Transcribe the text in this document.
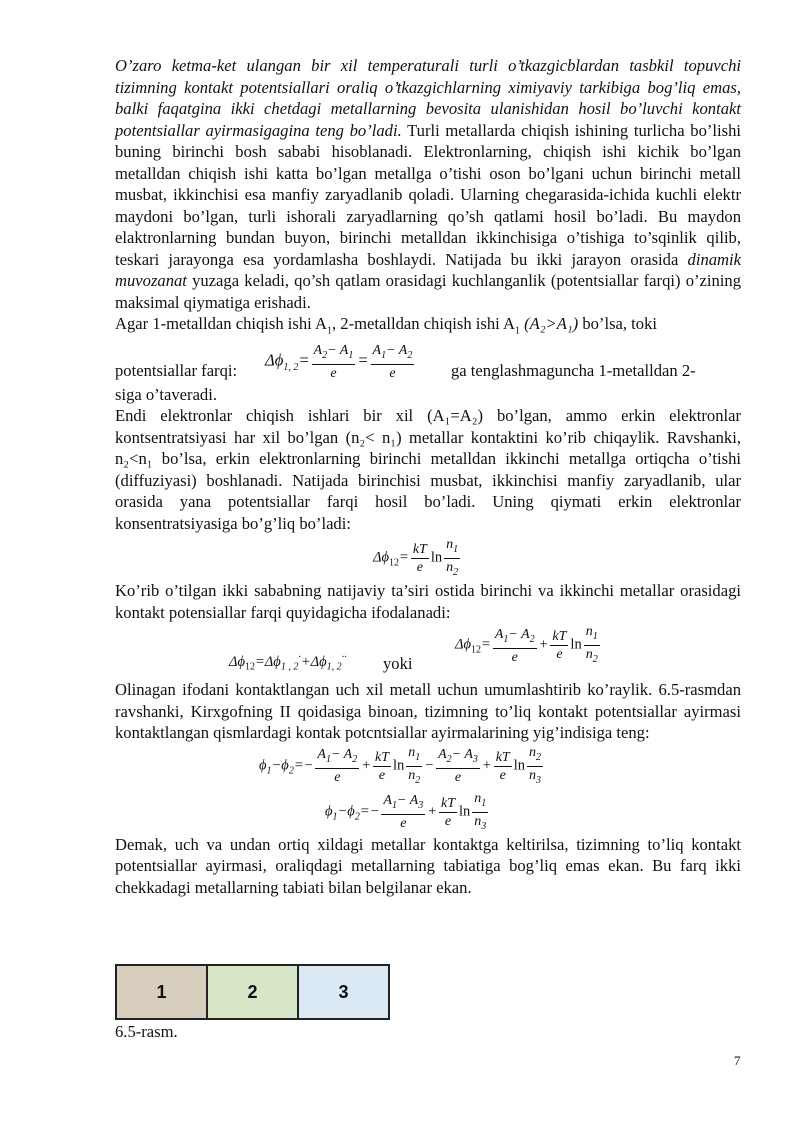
O’zaro ketma-ket ulangan bir xil temperaturali turli o’tkazgicblardan tasbkil topuvchi tizimning kontakt potentsiallari oraliq o’tkazgichlarning ximiyaviy tarkibiga bog’liq emas, balki faqatgina ikki chetdagi metallarning bevosita ulanishidan hosil bo’luvchi kontakt potentsiallar ayirmasigagina teng bo’ladi. Turli metallarda chiqish ishining turlicha bo’lishi buning birinchi bosh sababi hisoblanadi. Elektronlarning, chiqish ishi kichik bo’lgan metalldan chiqish ishi katta bo’lgan metallga o’tishi oson bo’lgani uchun birinchi metall musbat, ikkinchisi esa manfiy zaryadlanib qoladi. Ularning chegarasida-ichida kuchli elektr maydoni bo’lgan, turli ishorali zaryadlarning qo’sh qatlami hosil bo’ladi. Bu maydon elaktronlarning bundan buyon, birinchi metalldan ikkinchisiga o’tishiga to’sqinlik qilib, teskari jarayonga esa yordamlasha boshlaydi. Natijada bu ikki jarayon orasida dinamik muvozanat yuzaga keladi, qo’sh qatlam orasidagi kuchlanganlik (potentsiallar farqi) o’zining maksimal qiymatiga erishadi.

Agar 1-metalldan chiqish ishi $A_1$, 2-metalldan chiqish ishi $A_1$ (A₂>A₁) bo’lsa, toki

potentsiallar farqi:
$\Delta\phi_{1, 2}= \frac{A_2- A_1}{e} = \frac{A_1- A_2}{e}$ ga tenglashmaguncha 1-metalldan 2-

siga o’taveradi.

Endi elektronlar chiqish ishlari bir xil (A₁=A₂) bo’lgan, ammo erkin elektronlar kontsentratsiyasi har xil bo’lgan (n₂< n₁) metallar kontaktini ko’rib chiqaylik. Ravshanki, n₂<n₁ bo’lsa, erkin elektronlarning birinchi metalldan ikkinchi metallga ortiqcha o’tishi (diffuziyasi) boshlanadi. Natijada birinchisi musbat, ikkinchisi manfiy zaryadlanib, ular orasida yana potentsiallar farqi hosil bo’ladi. Uning qiymati erkin elektronlar konsentratsiyasiga bo’g’liq bo’ladi:

$\Delta\phi_{12}= \frac{kT}{e}$ $\ln \frac{n_1}{n_2}$

Ko’rib o’tilgan ikki sababning natijaviy ta’siri ostida birinchi va ikkinchi metallar orasidagi kontakt potensiallar farqi quyidagicha ifodalanadi:

$\Delta\phi_{12}=\Delta\phi_{1 , 2}^\cdot+\Delta\phi_{1, 2}^{\cdot\cdot}$ yoki
$\Delta\phi_{12}= \frac{A_1- A_2}{e} + \frac{kT}{e}$ $\ln \frac{n_1}{n_2}$

Olinagan ifodani kontaktlangan uch xil metall uchun umumlashtirib ko’raylik. 6.5-rasmdan ravshanki, Kirxgofning II qoidasiga binoan, tizimning to’liq kontakt potentsiallar ayirmasi kontaktlangan qismlardagi kontak potcntsiallar ayirmalarining yig’indisiga teng:

$\phi_1-\phi_2=- \frac{A_1- A_2}{e} + \frac{kT}{e}$ $\ln \frac{n_1}{n_2} - \frac{A_2- A_3}{e} + \frac{kT}{e}$ $\ln \frac{n_2}{n_3}$
$\phi_1-\phi_2=- \frac{A_1- A_3}{e} + \frac{kT}{e}$ $\ln \frac{n_1}{n_3}$

Demak, uch va undan ortiq xildagi metallar kontaktga keltirilsa, tizimning to’liq kontakt potentsiallar ayirmasi, oraliqdagi metallarning tabiatiga bog’liq emas ekan. Bu farq ikki chekkadagi metallarning tabiati bilan belgilanar ekan.

1	2	3
6.5-rasm.
7
